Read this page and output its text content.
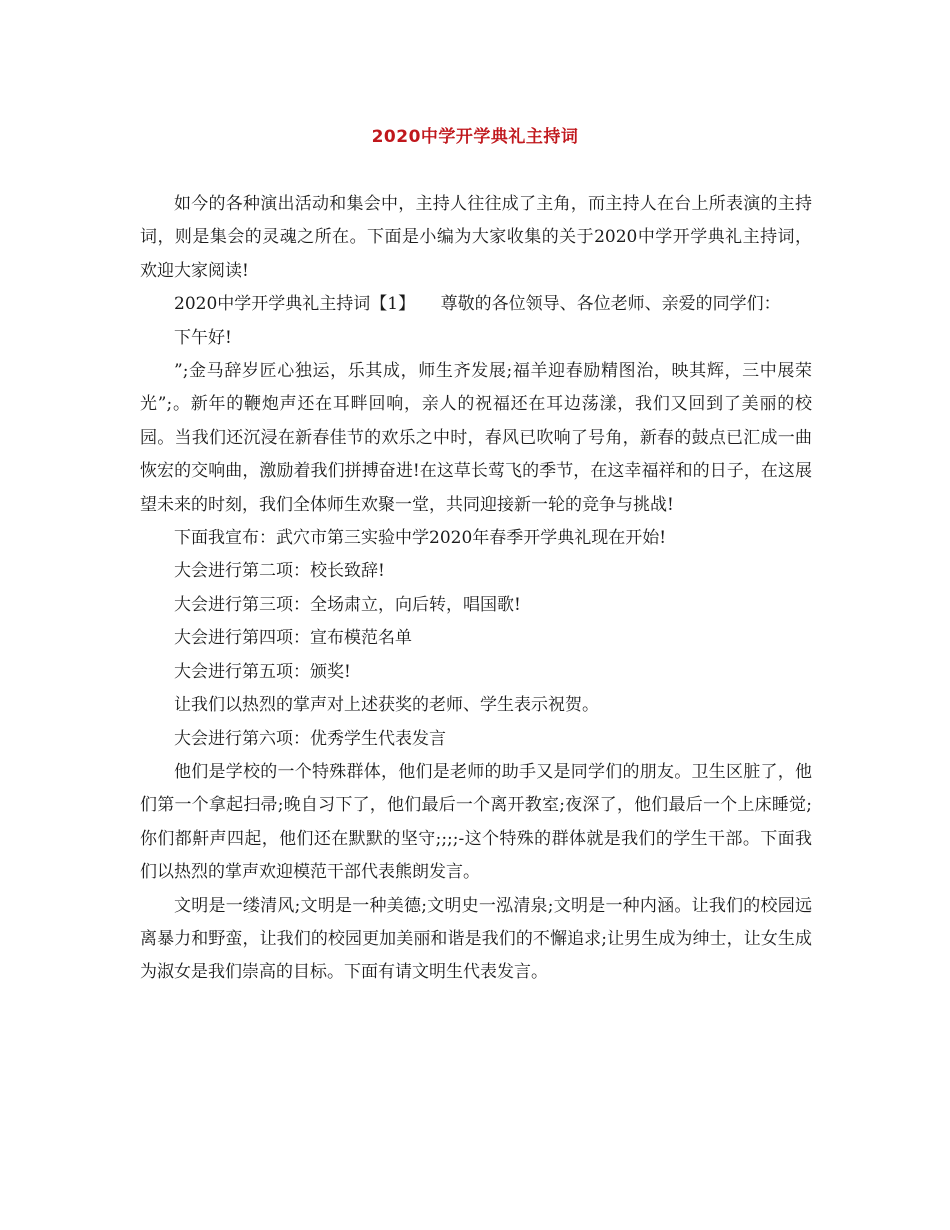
2020中学开学典礼主持词

如今的各种演出活动和集会中，主持人往往成了主角，而主持人在台上所表演的主持词，则是集会的灵魂之所在。下面是小编为大家收集的关于2020中学开学典礼主持词，欢迎大家阅读!

2020中学开学典礼主持词【1】　　尊敬的各位领导、各位老师、亲爱的同学们：

下午好!

”;金马辞岁匠心独运，乐其成，师生齐发展;福羊迎春励精图治，映其辉，三中展荣光”;。新年的鞭炮声还在耳畔回响，亲人的祝福还在耳边荡漾，我们又回到了美丽的校园。当我们还沉浸在新春佳节的欢乐之中时，春风已吹响了号角，新春的鼓点已汇成一曲恢宏的交响曲，激励着我们拼搏奋进!在这草长莺飞的季节，在这幸福祥和的日子，在这展望未来的时刻，我们全体师生欢聚一堂，共同迎接新一轮的竞争与挑战!

下面我宣布：武穴市第三实验中学2020年春季开学典礼现在开始!

大会进行第二项：校长致辞!

大会进行第三项：全场肃立，向后转，唱国歌!

大会进行第四项：宣布模范名单

大会进行第五项：颁奖!

让我们以热烈的掌声对上述获奖的老师、学生表示祝贺。

大会进行第六项：优秀学生代表发言

他们是学校的一个特殊群体，他们是老师的助手又是同学们的朋友。卫生区脏了，他们第一个拿起扫帚;晚自习下了，他们最后一个离开教室;夜深了，他们最后一个上床睡觉;你们都鼾声四起，他们还在默默的坚守;;;;-这个特殊的群体就是我们的学生干部。下面我们以热烈的掌声欢迎模范干部代表熊朗发言。

文明是一缕清风;文明是一种美德;文明史一泓清泉;文明是一种内涵。让我们的校园远离暴力和野蛮，让我们的校园更加美丽和谐是我们的不懈追求;让男生成为绅士，让女生成为淑女是我们崇高的目标。下面有请文明生代表发言。
